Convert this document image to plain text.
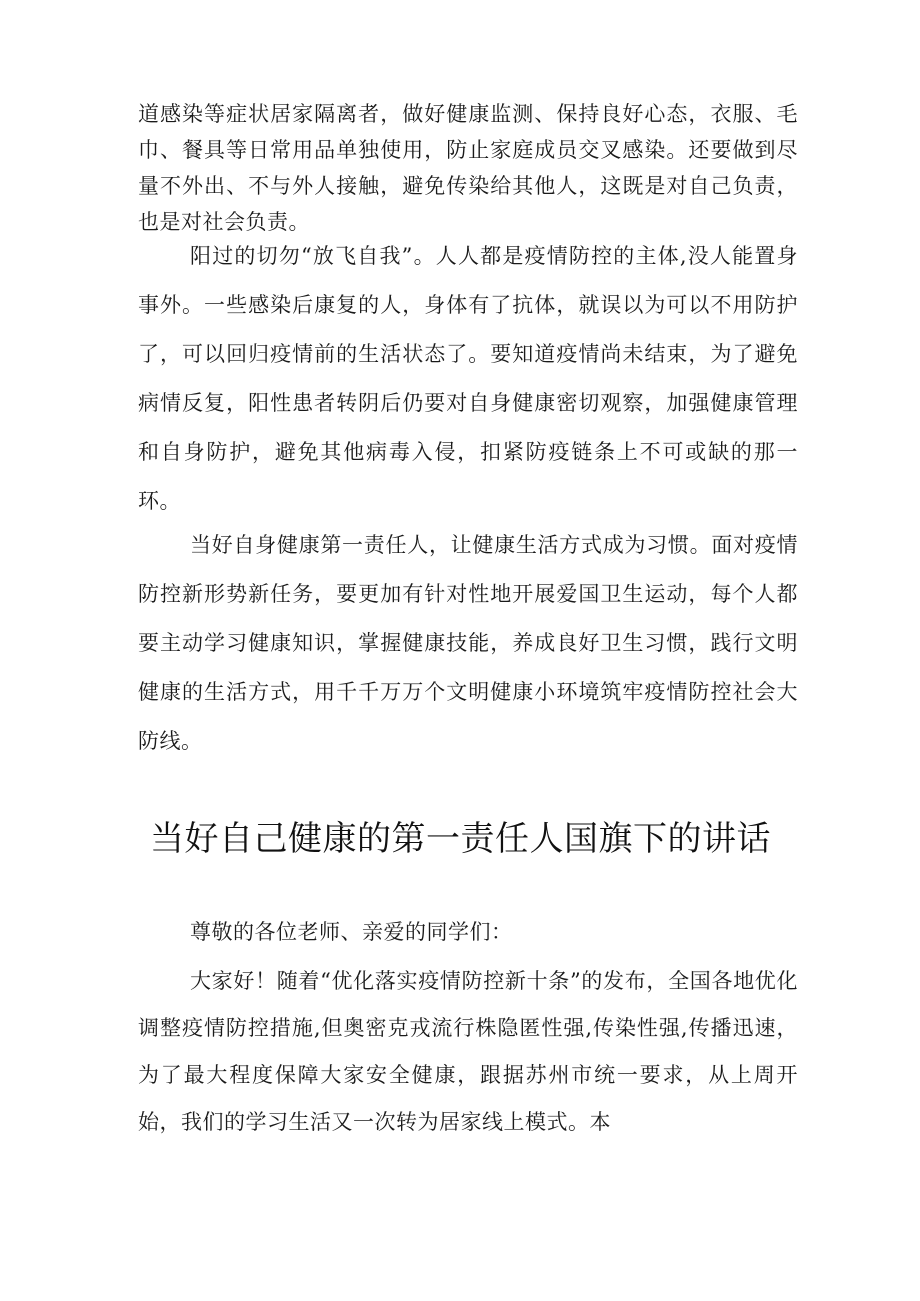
道感染等症状居家隔离者，做好健康监测、保持良好心态，衣服、毛巾、餐具等日常用品单独使用，防止家庭成员交叉感染。还要做到尽量不外出、不与外人接触，避免传染给其他人，这既是对自己负责，也是对社会负责。

阳过的切勿“放飞自我”。人人都是疫情防控的主体,没人能置身事外。一些感染后康复的人，身体有了抗体，就误以为可以不用防护了，可以回归疫情前的生活状态了。要知道疫情尚未结束，为了避免病情反复，阳性患者转阴后仍要对自身健康密切观察，加强健康管理和自身防护，避免其他病毒入侵，扣紧防疫链条上不可或缺的那一环。

当好自身健康第一责任人，让健康生活方式成为习惯。面对疫情防控新形势新任务，要更加有针对性地开展爱国卫生运动，每个人都要主动学习健康知识，掌握健康技能，养成良好卫生习惯，践行文明健康的生活方式，用千千万万个文明健康小环境筑牢疫情防控社会大防线。

当好自己健康的第一责任人国旗下的讲话

尊敬的各位老师、亲爱的同学们：

大家好！随着“优化落实疫情防控新十条”的发布，全国各地优化调整疫情防控措施,但奥密克戎流行株隐匿性强,传染性强,传播迅速，为了最大程度保障大家安全健康，跟据苏州市统一要求，从上周开始，我们的学习生活又一次转为居家线上模式。本
